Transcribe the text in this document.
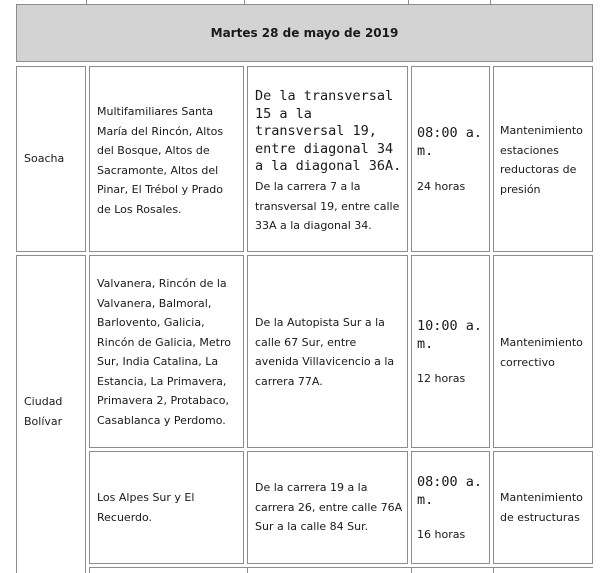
Martes 28 de mayo de 2019
Soacha
Multifamiliares Santa María del Rincón, Altos del Bosque, Altos de Sacramonte, Altos del Pinar, El Trébol y Prado de Los Rosales.
De la transversal 15 a la transversal 19, entre diagonal 34 a la diagonal 36A.
De la carrera 7 a la transversal 19, entre calle 33A a la diagonal 34.
08:00 a. m.
24 horas
Mantenimiento estaciones reductoras de presión
Ciudad Bolívar
Valvanera, Rincón de la Valvanera, Balmoral, Barlovento, Galicia, Rincón de Galicia, Metro Sur, India Catalina, La Estancia, La Primavera, Primavera 2, Protabaco, Casablanca y Perdomo.
De la Autopista Sur a la calle 67 Sur, entre avenida Villavicencio a la carrera 77A.
10:00 a. m.
12 horas
Mantenimiento correctivo
Los Alpes Sur y El Recuerdo.
De la carrera 19 a la carrera 26, entre calle 76A Sur a la calle 84 Sur.
08:00 a. m.
16 horas
Mantenimiento de estructuras
